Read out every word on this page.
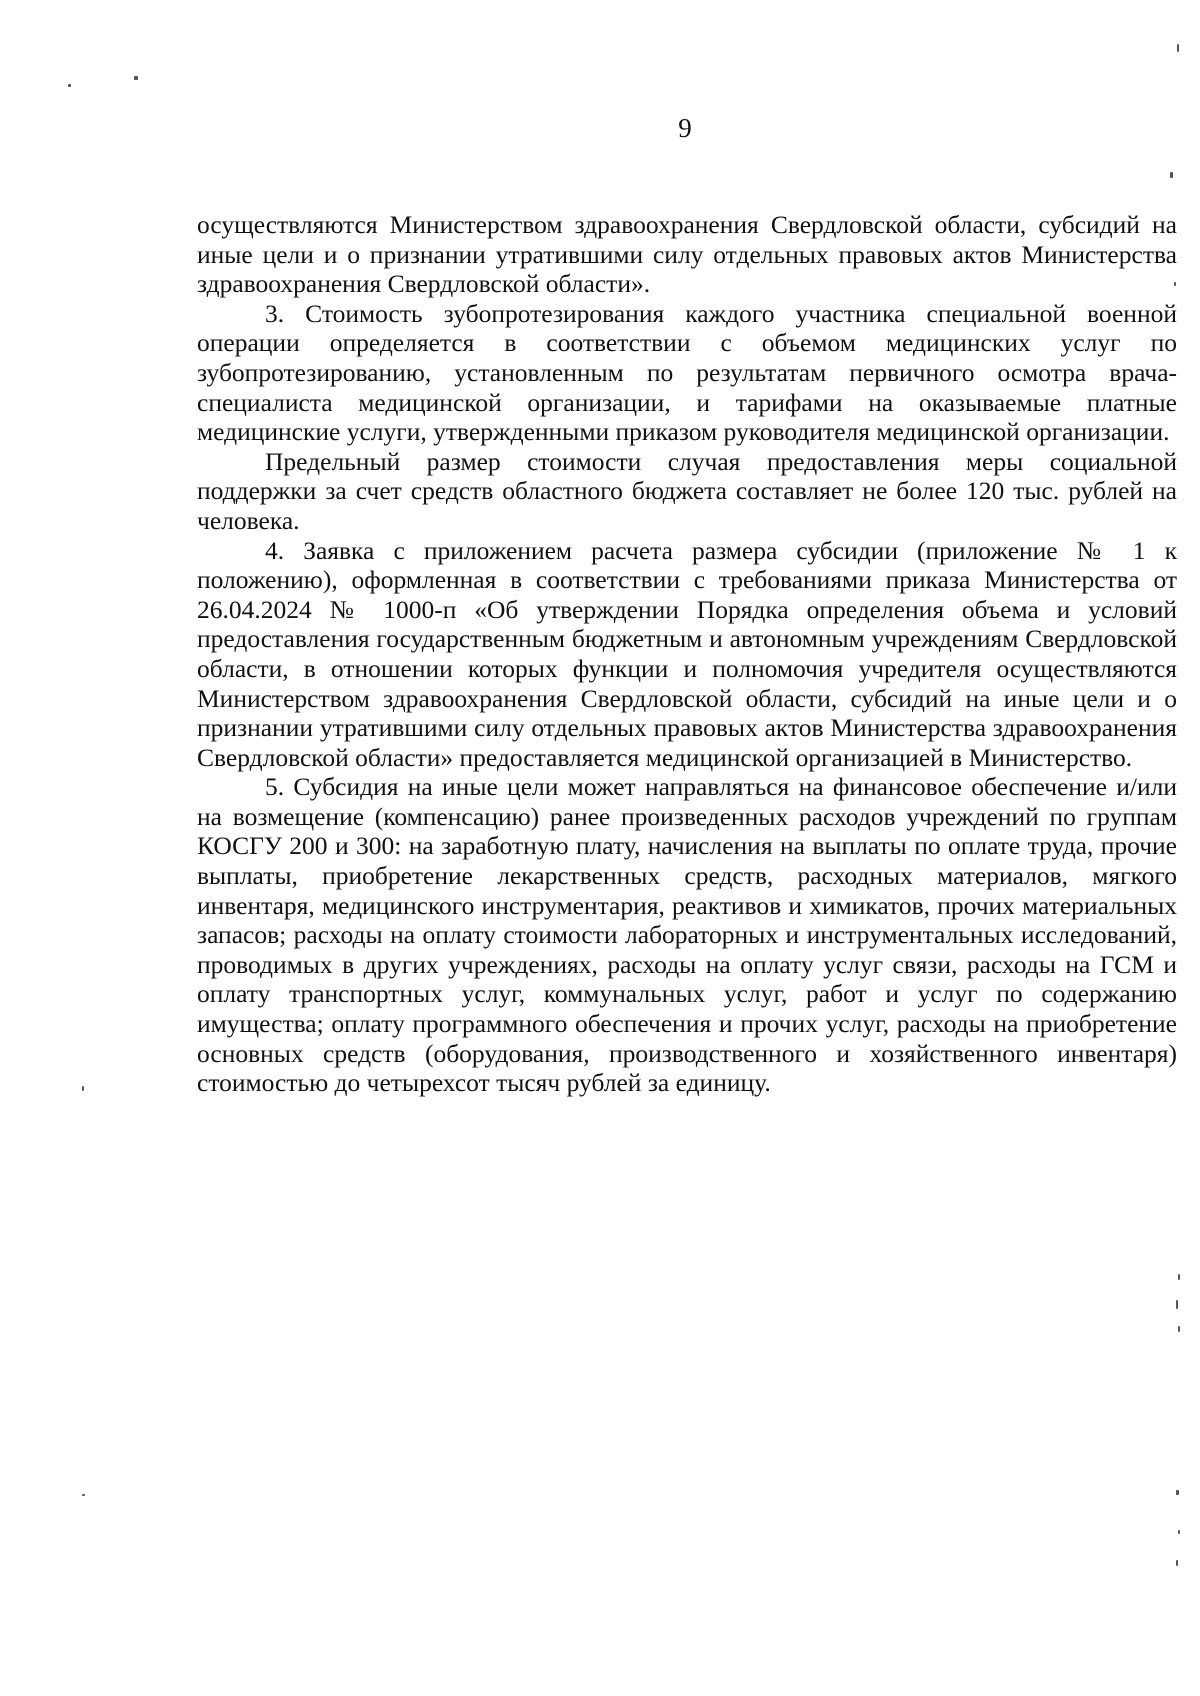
9

осуществляются Министерством здравоохранения Свердловской области, субсидий на иные цели и о признании утратившими силу отдельных правовых актов Министерства здравоохранения Свердловской области».

3. Стоимость зубопротезирования каждого участника специальной военной операции определяется в соответствии с объемом медицинских услуг по зубопротезированию, установленным по результатам первичного осмотра врача-специалиста медицинской организации, и тарифами на оказываемые платные медицинские услуги, утвержденными приказом руководителя медицинской организации.

Предельный размер стоимости случая предоставления меры социальной поддержки за счет средств областного бюджета составляет не более 120 тыс. рублей на человека.

4. Заявка с приложением расчета размера субсидии (приложение № 1 к положению), оформленная в соответствии с требованиями приказа Министерства от 26.04.2024 № 1000-п «Об утверждении Порядка определения объема и условий предоставления государственным бюджетным и автономным учреждениям Свердловской области, в отношении которых функции и полномочия учредителя осуществляются Министерством здравоохранения Свердловской области, субсидий на иные цели и о признании утратившими силу отдельных правовых актов Министерства здравоохранения Свердловской области» предоставляется медицинской организацией в Министерство.

5. Субсидия на иные цели может направляться на финансовое обеспечение и/или на возмещение (компенсацию) ранее произведенных расходов учреждений по группам КОСГУ 200 и 300: на заработную плату, начисления на выплаты по оплате труда, прочие выплаты, приобретение лекарственных средств, расходных материалов, мягкого инвентаря, медицинского инструментария, реактивов и химикатов, прочих материальных запасов; расходы на оплату стоимости лабораторных и инструментальных исследований, проводимых в других учреждениях, расходы на оплату услуг связи, расходы на ГСМ и оплату транспортных услуг, коммунальных услуг, работ и услуг по содержанию имущества; оплату программного обеспечения и прочих услуг, расходы на приобретение основных средств (оборудования, производственного и хозяйственного инвентаря) стоимостью до четырехсот тысяч рублей за единицу.
